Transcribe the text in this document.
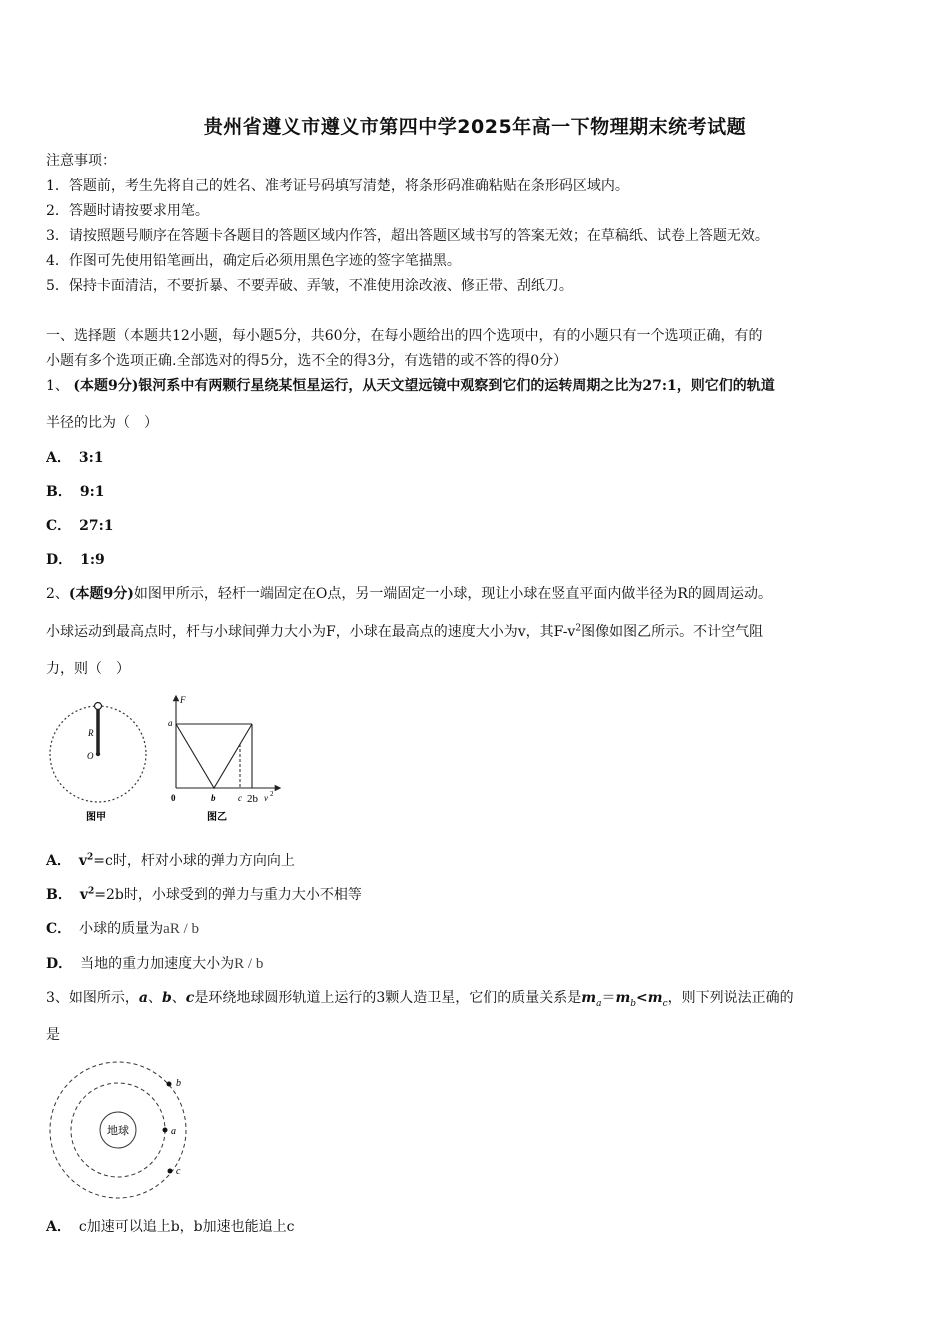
贵州省遵义市遵义市第四中学2025年高一下物理期末统考试题
注意事项：
1．答题前，考生先将自己的姓名、准考证号码填写清楚，将条形码准确粘贴在条形码区域内。
2．答题时请按要求用笔。
3．请按照题号顺序在答题卡各题目的答题区域内作答，超出答题区域书写的答案无效；在草稿纸、试卷上答题无效。
4．作图可先使用铅笔画出，确定后必须用黑色字迹的签字笔描黑。
5．保持卡面清洁，不要折暴、不要弄破、弄皱，不准使用涂改液、修正带、刮纸刀。
一、选择题（本题共12小题，每小题5分，共60分，在每小题给出的四个选项中，有的小题只有一个选项正确，有的
小题有多个选项正确.全部选对的得5分，选不全的得3分，有选错的或不答的得0分）
1、 (本题9分)银河系中有两颗行星绕某恒星运行，从天文望远镜中观察到它们的运转周期之比为27:1，则它们的轨道
半径的比为（　）
A． 3:1
B． 9:1
C． 27:1
D． 1:9
2、(本题9分)如图甲所示，轻杆一端固定在O点，另一端固定一小球，现让小球在竖直平面内做半径为R的圆周运动。
小球运动到最高点时，杆与小球间弹力大小为F，小球在最高点的速度大小为v，其$F-v^2$图像如图乙所示。不计空气阻
力，则（　）
R
O
图甲
F
a
0	b	c 2b v 2
图乙
A． $v^2=c$时，杆对小球的弹力方向向上
B． $v^2=2b$时，小球受到的弹力与重力大小不相等
C． 小球的质量为aR / b
D． 当地的重力加速度大小为R / b
3、如图所示，a、b、c是环绕地球圆形轨道上运行的3颗人造卫星，它们的质量关系是$m_a=m_b<m_c$，则下列说法正确的
是
地球	a
b
c
A． c加速可以追上b，b加速也能追上c
